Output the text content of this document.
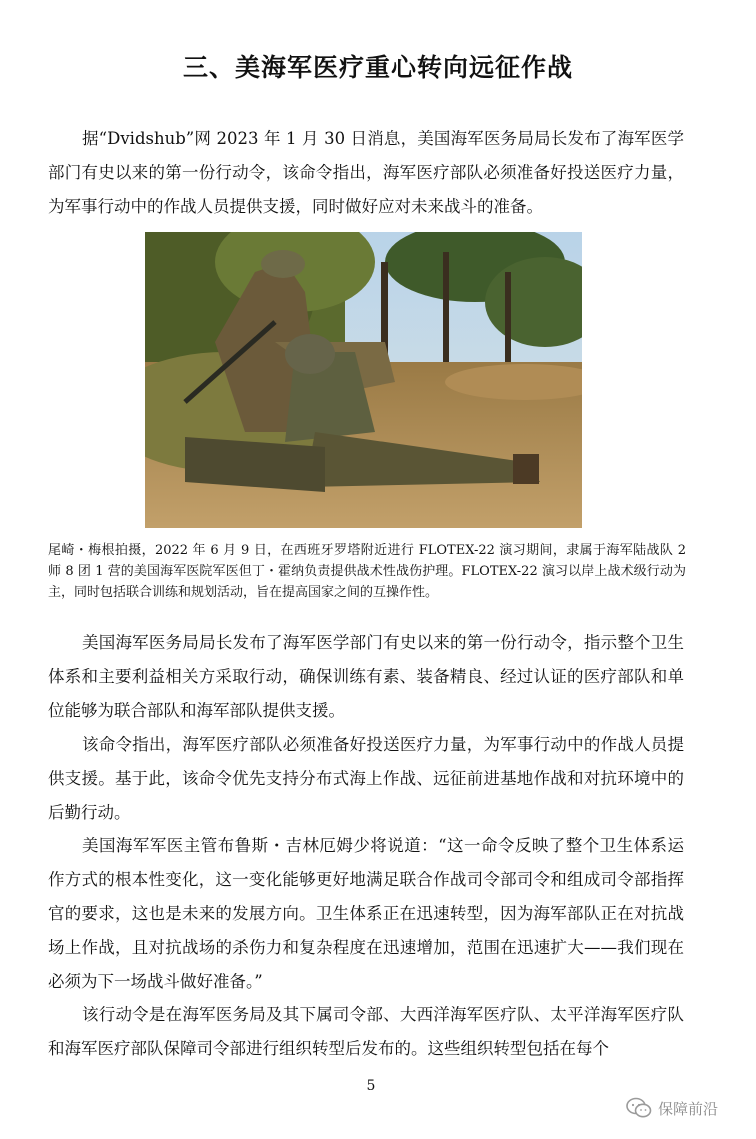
三、美海军医疗重心转向远征作战

据“Dvidshub”网 2023 年 1 月 30 日消息，美国海军医务局局长发布了海军医学部门有史以来的第一份行动令，该命令指出，海军医疗部队必须准备好投送医疗力量，为军事行动中的作战人员提供支援，同时做好应对未来战斗的准备。

尾崎・梅根拍摄，2022 年 6 月 9 日，在西班牙罗塔附近进行 FLOTEX-22 演习期间，隶属于海军陆战队 2 师 8 团 1 营的美国海军医院军医但丁・霍纳负责提供战术性战伤护理。FLOTEX-22 演习以岸上战术级行动为主，同时包括联合训练和规划活动，旨在提高国家之间的互操作性。

美国海军医务局局长发布了海军医学部门有史以来的第一份行动令，指示整个卫生体系和主要利益相关方采取行动，确保训练有素、装备精良、经过认证的医疗部队和单位能够为联合部队和海军部队提供支援。

该命令指出，海军医疗部队必须准备好投送医疗力量，为军事行动中的作战人员提供支援。基于此，该命令优先支持分布式海上作战、远征前进基地作战和对抗环境中的后勤行动。

美国海军军医主管布鲁斯・吉林厄姆少将说道：“这一命令反映了整个卫生体系运作方式的根本性变化，这一变化能够更好地满足联合作战司令部司令和组成司令部指挥官的要求，这也是未来的发展方向。卫生体系正在迅速转型，因为海军部队正在对抗战场上作战，且对抗战场的杀伤力和复杂程度在迅速增加，范围在迅速扩大——我们现在必须为下一场战斗做好准备。”

该行动令是在海军医务局及其下属司令部、大西洋海军医疗队、太平洋海军医疗队和海军医疗部队保障司令部进行组织转型后发布的。这些组织转型包括在每个

5
保障前沿
